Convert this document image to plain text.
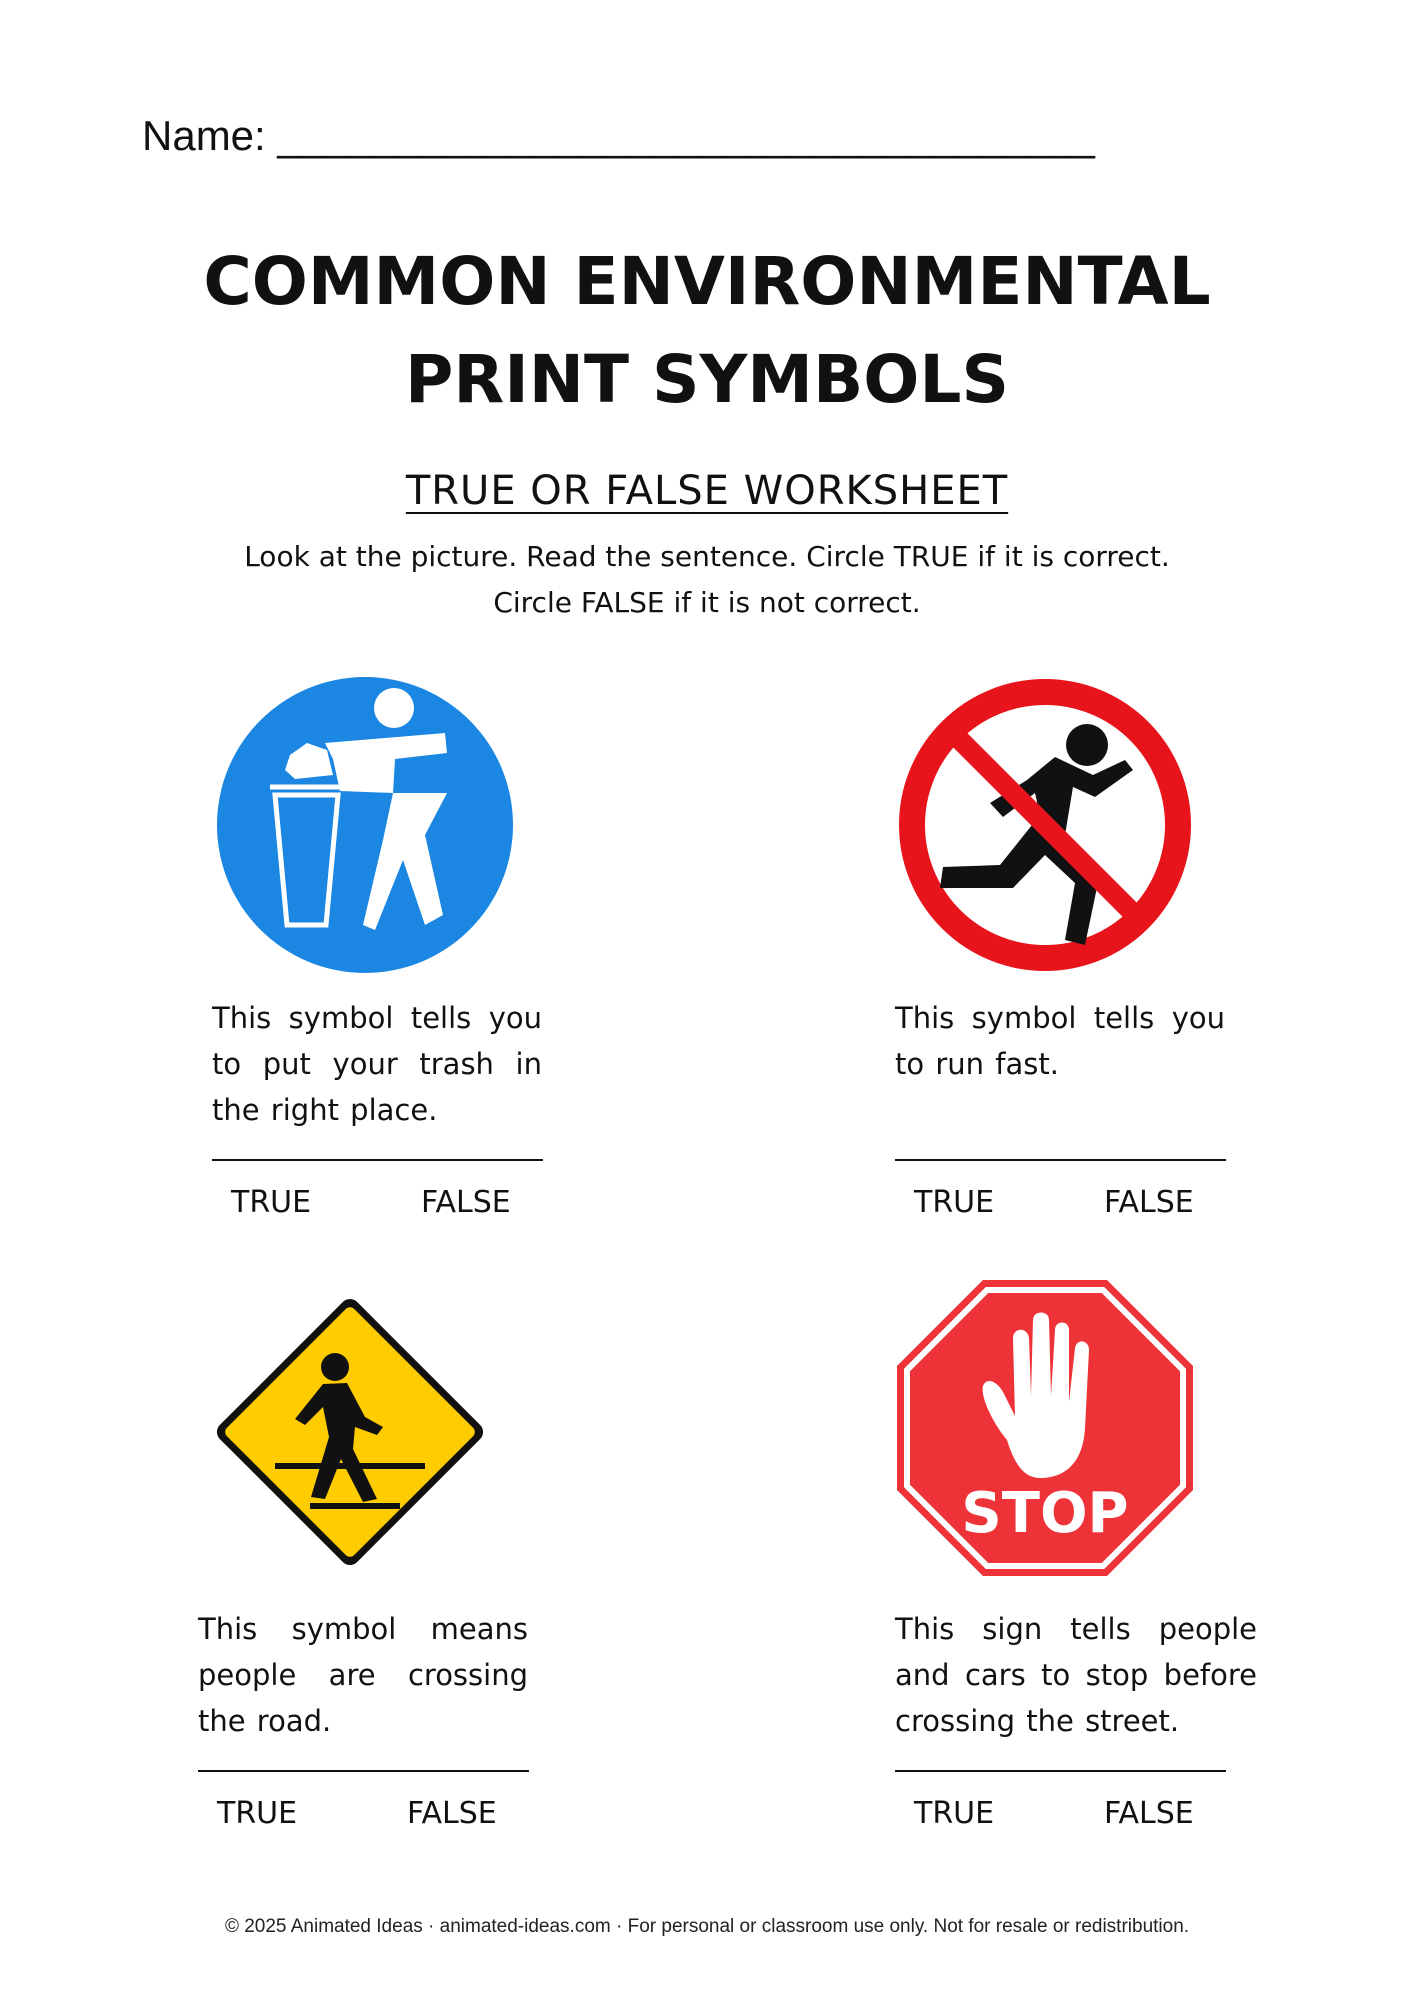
Name: ___________________________________
COMMON ENVIRONMENTAL
PRINT SYMBOLS
TRUE OR FALSE WORKSHEET
Look at the picture. Read the sentence. Circle TRUE if it is correct.
Circle FALSE if it is not correct.
This symbol tells you to put your trash in the right place.
TRUE	FALSE
This symbol tells you to run fast.
TRUE	FALSE
This symbol means people are crossing the road.
TRUE	FALSE
STOP
This sign tells people and cars to stop before crossing the street.
TRUE	FALSE
© 2025 Animated Ideas · animated-ideas.com · For personal or classroom use only. Not for resale or redistribution.
